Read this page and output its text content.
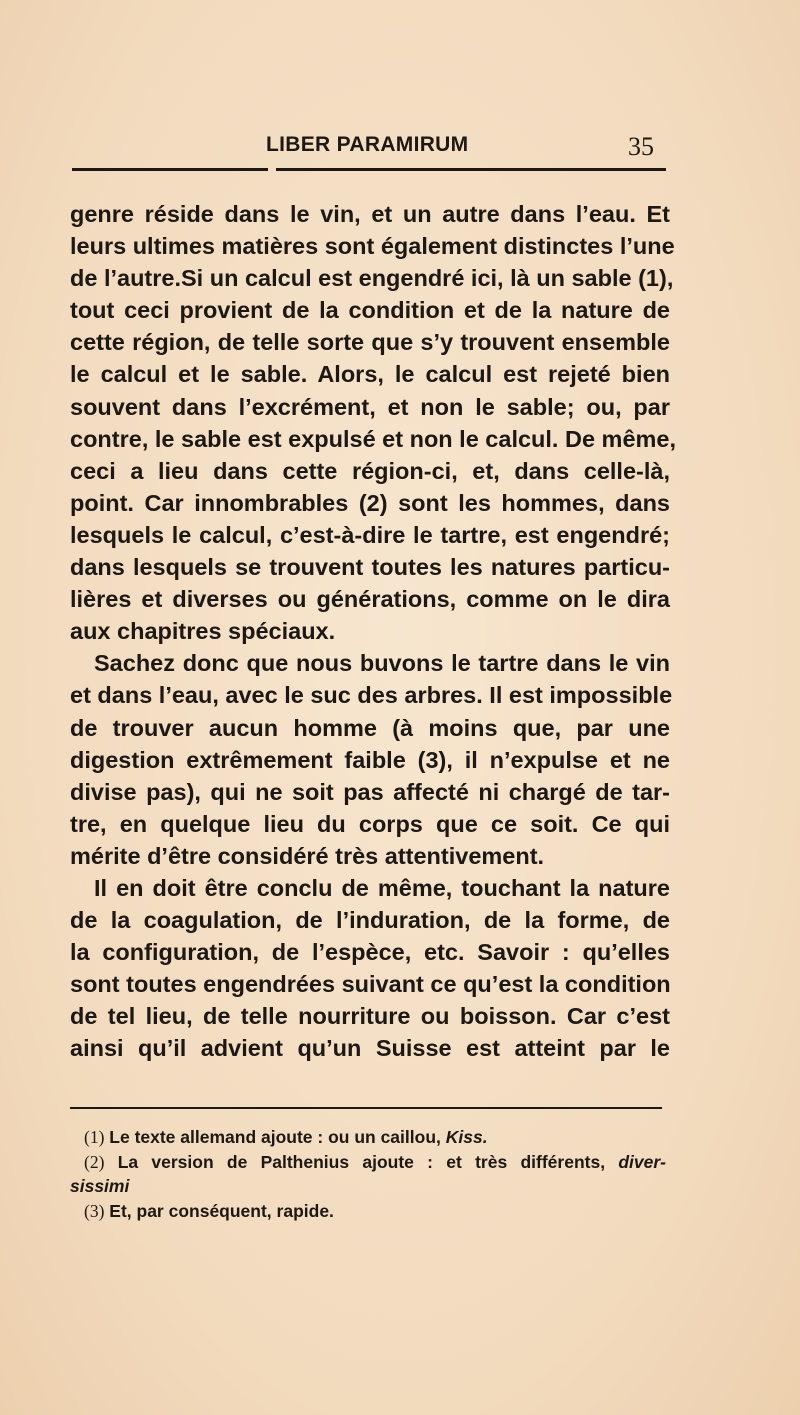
LIBER PARAMIRUM	35
genre réside dans le vin, et un autre dans l’eau. Et
leurs ultimes matières sont également distinctes l’une
de l’autre.Si un calcul est engendré ici, là un sable (1),
tout ceci provient de la condition et de la nature de
cette région, de telle sorte que s’y trouvent ensemble
le calcul et le sable. Alors, le calcul est rejeté bien
souvent dans l’excrément, et non le sable; ou, par
contre, le sable est expulsé et non le calcul. De même,
ceci a lieu dans cette région-ci, et, dans celle-là,
point. Car innombrables (2) sont les hommes, dans
lesquels le calcul, c’est-à-dire le tartre, est engendré;
dans lesquels se trouvent toutes les natures particu-
lières et diverses ou générations, comme on le dira
aux chapitres spéciaux.
Sachez donc que nous buvons le tartre dans le vin
et dans l’eau, avec le suc des arbres. Il est impossible
de trouver aucun homme (à moins que, par une
digestion extrêmement faible (3), il n’expulse et ne
divise pas), qui ne soit pas affecté ni chargé de tar-
tre, en quelque lieu du corps que ce soit. Ce qui
mérite d’être considéré très attentivement.
Il en doit être conclu de même, touchant la nature
de la coagulation, de l’induration, de la forme, de
la configuration, de l’espèce, etc. Savoir : qu’elles
sont toutes engendrées suivant ce qu’est la condition
de tel lieu, de telle nourriture ou boisson. Car c’est
ainsi qu’il advient qu’un Suisse est atteint par le
(1) Le texte allemand ajoute : ou un caillou, Kiss.
(2) La version de Palthenius ajoute : et très différents, diver-
sissimi
(3) Et, par conséquent, rapide.
